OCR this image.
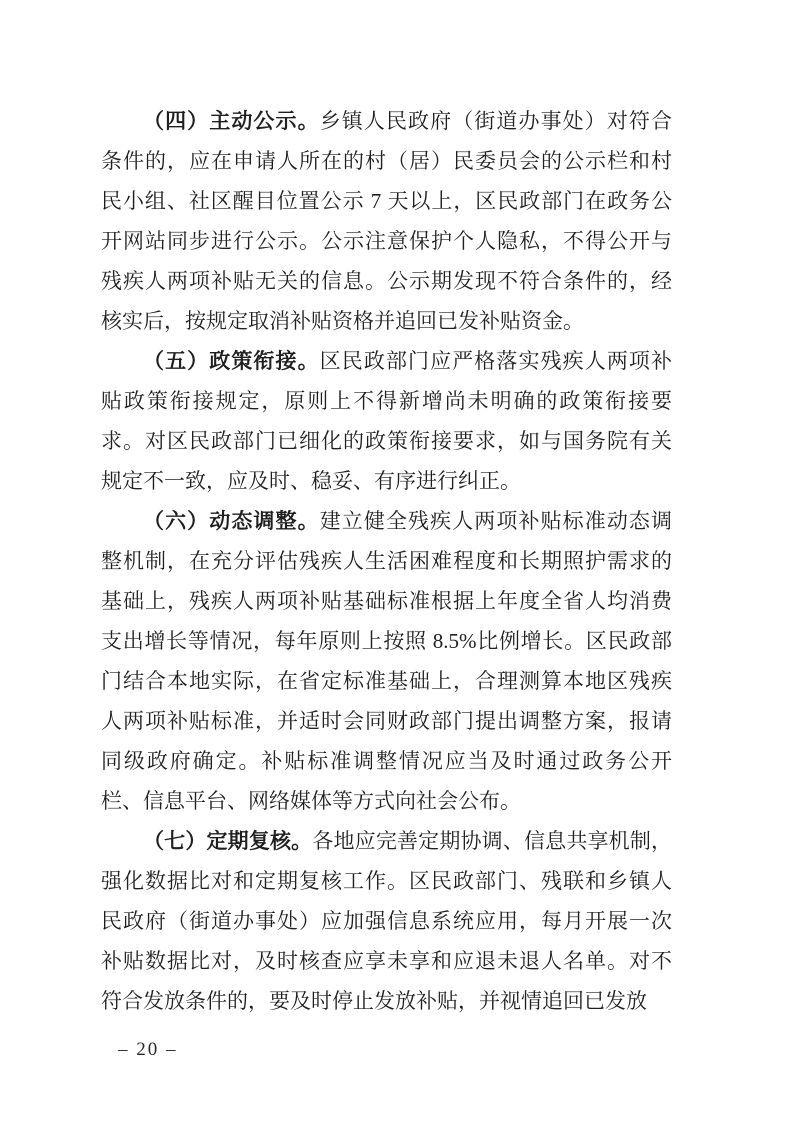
（四）主动公示。乡镇人民政府（街道办事处）对符合
条件的，应在申请人所在的村（居）民委员会的公示栏和村
民小组、社区醒目位置公示 7 天以上，区民政部门在政务公
开网站同步进行公示。公示注意保护个人隐私，不得公开与
残疾人两项补贴无关的信息。公示期发现不符合条件的，经
核实后，按规定取消补贴资格并追回已发补贴资金。
（五）政策衔接。区民政部门应严格落实残疾人两项补
贴政策衔接规定，原则上不得新增尚未明确的政策衔接要
求。对区民政部门已细化的政策衔接要求，如与国务院有关
规定不一致，应及时、稳妥、有序进行纠正。
（六）动态调整。建立健全残疾人两项补贴标准动态调
整机制，在充分评估残疾人生活困难程度和长期照护需求的
基础上，残疾人两项补贴基础标准根据上年度全省人均消费
支出增长等情况，每年原则上按照 8.5%比例增长。区民政部
门结合本地实际，在省定标准基础上，合理测算本地区残疾
人两项补贴标准，并适时会同财政部门提出调整方案，报请
同级政府确定。补贴标准调整情况应当及时通过政务公开
栏、信息平台、网络媒体等方式向社会公布。
（七）定期复核。各地应完善定期协调、信息共享机制，
强化数据比对和定期复核工作。区民政部门、残联和乡镇人
民政府（街道办事处）应加强信息系统应用，每月开展一次
补贴数据比对，及时核查应享未享和应退未退人名单。对不
符合发放条件的，要及时停止发放补贴，并视情追回已发放
– 20 –
